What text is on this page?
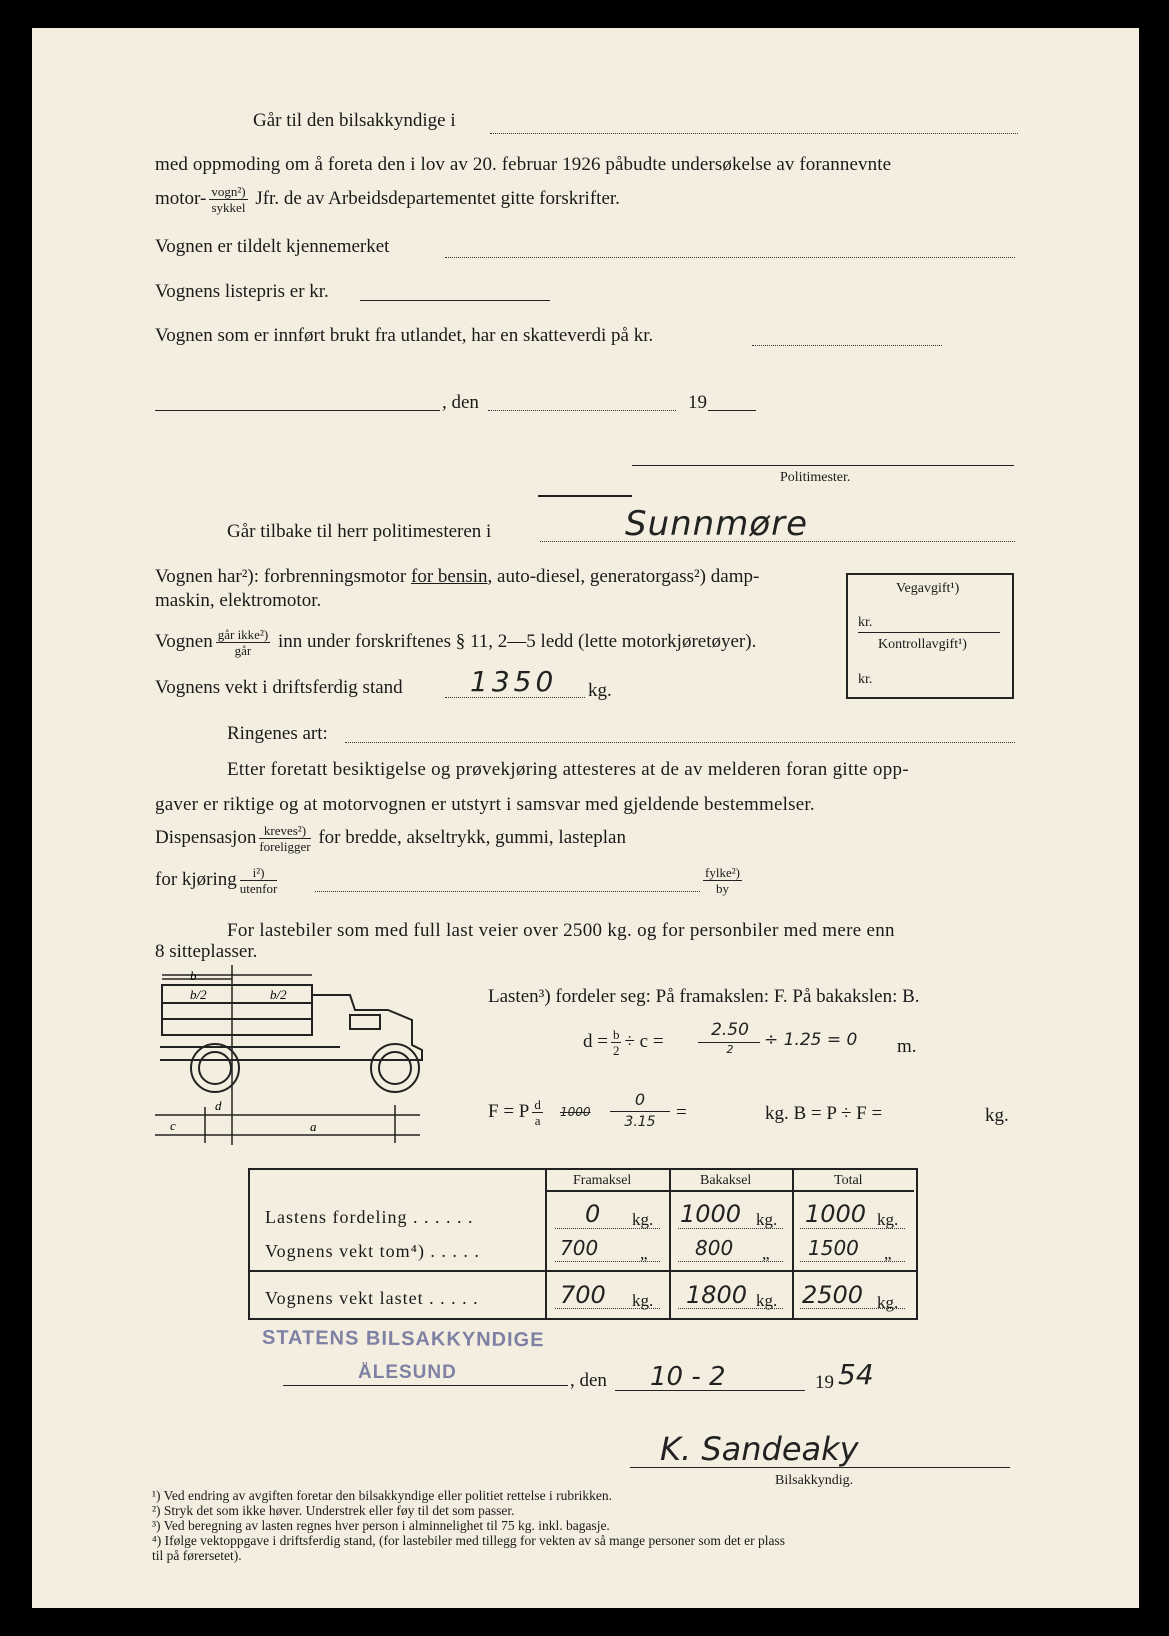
Går til den bilsakkyndige i
med oppmoding om å foreta den i lov av 20. februar 1926 påbudte undersøkelse av forannevnte
motor- $\frac{\text{vogn²)}}{\text{sykkel}}$ Jfr. de av Arbeidsdepartementet gitte forskrifter.
Vognen er tildelt kjennemerket
Vognens listepris er kr.
Vognen som er innført brukt fra utlandet, har en skatteverdi på kr.
, den	19
Politimester.
Går tilbake til herr politimesteren i	Sunnmøre
Vognen har²): forbrenningsmotor for bensin, auto-diesel, generatorgass²) damp-
maskin, elektromotor.
Vognen $\frac{\text{går ikke²)}}{\text{går}}$ inn under forskriftenes § 11, 2—5 ledd (lette motorkjøretøyer).
Vognens vekt i driftsferdig stand 1350 kg.
Vegavgift¹)
kr.
Kontrollavgift¹)
kr.
Ringenes art:
Etter foretatt besiktigelse og prøvekjøring attesteres at de av melderen foran gitte opp-
gaver er riktige og at motorvognen er utstyrt i samsvar med gjeldende bestemmelser.
Dispensasjon $\frac{\text{kreves²)}}{\text{foreligger}}$ for bredde, akseltrykk, gummi, lasteplan
for kjøring $\frac{\text{i²)}}{\text{utenfor}}$	$\frac{\text{fylke²)}}{by}$
For lastebiler som med full last veier over 2500 kg. og for personbiler med mere enn
8 sitteplasser.
b
b/2	b/2
c
d
a
Lasten³) fordeler seg: På framakslen: F. På bakakslen: B.
$d = \frac{b}{2} \div c$ =
2.50
2	÷ 1.25 = 0 m.
F = P $\frac{d}{a} 1000$
0
3.15	=	kg. B = P ÷ F =	kg.
Framaksel	Bakaksel	Total
Lastens fordeling . . . . . .	0 kg. 1000 kg. 1000 kg.
Vognens vekt tom⁴) . . . . .	700 „ 800 „ 1500 „
Vognens vekt lastet . . . . .	700 kg. 1800 kg. 2500 kg.
STATENS BILSAKKYNDIGE
ÅLESUND	, den 10 - 2	19 54
K. Sandeaky
Bilsakkyndig.
¹) Ved endring av avgiften foretar den bilsakkyndige eller politiet rettelse i rubrikken.
²) Stryk det som ikke høver. Understrek eller føy til det som passer.
³) Ved beregning av lasten regnes hver person i alminnelighet til 75 kg. inkl. bagasje.
⁴) Ifølge vektoppgave i driftsferdig stand, (for lastebiler med tillegg for vekten av så mange personer som det er plass
til på førersetet).
